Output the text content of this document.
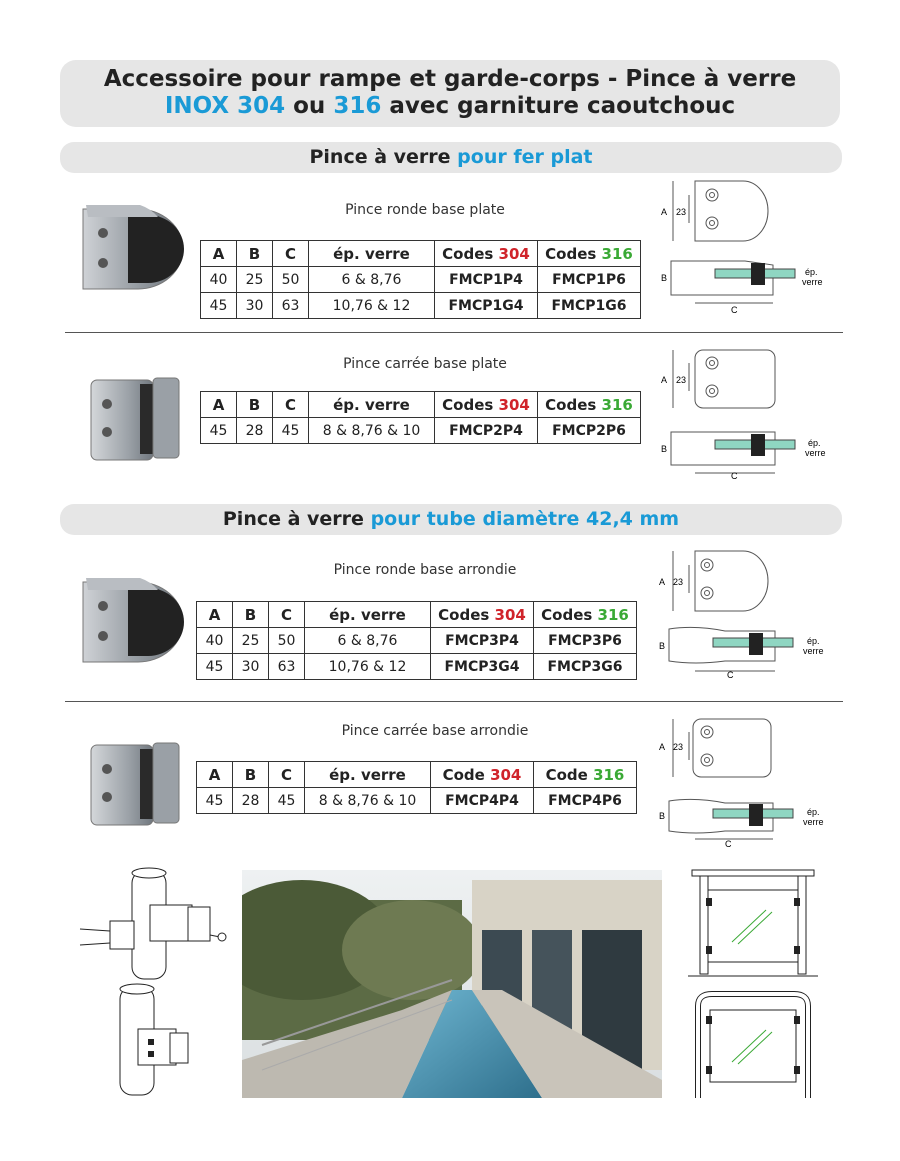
Accessoire pour rampe et garde-corps - Pince à verre
INOX 304 ou 316 avec garniture caoutchouc
Pince à verre pour fer plat
Pince ronde base plate
A	B	C	ép. verre	Codes 304	Codes 316
40	25	50	6 & 8,76	FMCP1P4	FMCP1P6
45	30	63	10,76 & 12	FMCP1G4	FMCP1G6
A 23
B
C
ép.
verre
Pince carrée base plate
A	B	C	ép. verre	Codes 304	Codes 316
45	28	45	8 & 8,76 & 10	FMCP2P4	FMCP2P6
A 23
B
C
ép.
verre
Pince à verre pour tube diamètre 42,4 mm
Pince ronde base arrondie
A	B	C	ép. verre	Codes 304	Codes 316
40	25	50	6 & 8,76	FMCP3P4	FMCP3P6
45	30	63	10,76 & 12	FMCP3G4	FMCP3G6
A 23
B
C
ép.
verre
Pince carrée base arrondie
A	B	C	ép. verre	Code 304	Code 316
45	28	45	8 & 8,76 & 10	FMCP4P4	FMCP4P6
A 23
B
C
ép.
verre
